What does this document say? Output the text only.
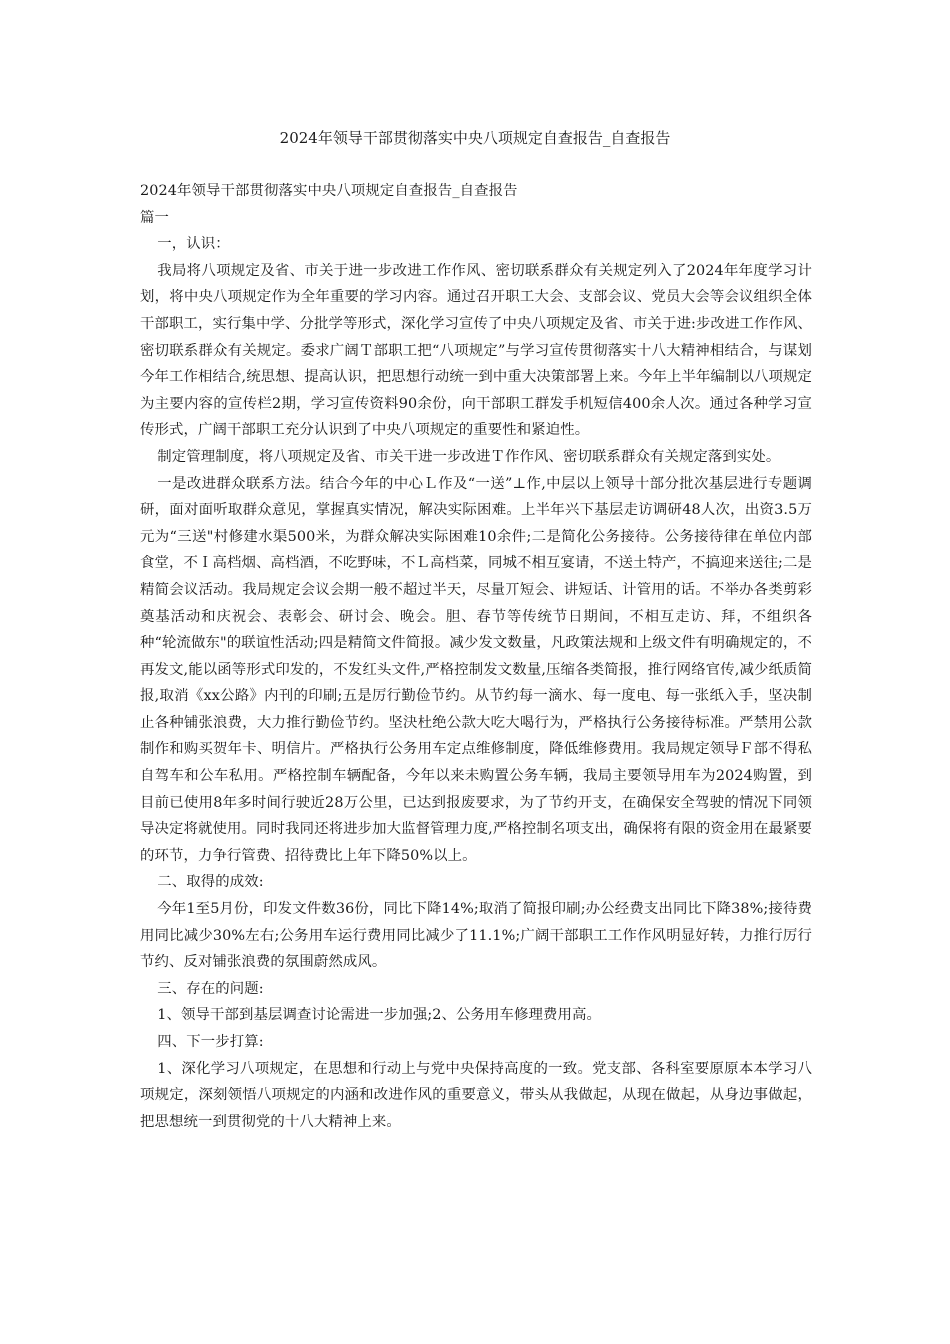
2024年领导干部贯彻落实中央八项规定自查报告_自查报告

2024年领导干部贯彻落实中央八项规定自查报告_自查报告

篇一

一，认识：

我局将八项规定及省、市关于进一步改进工作作风、密切联系群众有关规定列入了2024年年度学习计划，将中央八项规定作为全年重要的学习内容。通过召开职工大会、支部会议、党员大会等会议组织全体干部职工，实行集中学、分批学等形式，深化学习宣传了中央八项规定及省、市关于进:步改进工作作风、密切联系群众有关规定。委求广阔Ｔ部职工把“八项规定”与学习宣传贯彻落实十八大精神相结合，与谋划今年工作相结合,统思想、提高认识，把思想行动统一到中重大决策部署上来。今年上半年编制以八项规定为主要内容的宣传栏2期，学习宣传资料90余份，向干部职工群发手机短信400余人次。通过各种学习宣传形式，广阔干部职工充分认识到了中央八项规定的重要性和紧迫性。

制定管理制度，将八项规定及省、市关干进一步改进Ｔ作作风、密切联系群众有关规定落到实处。

一是改进群众联系方法。结合今年的中心Ｌ作及“一送”⊥作,中层以上领导十部分批次基层进行专题调研，面对面听取群众意见，掌握真实情况，解决实际困难。上半年兴下基层走访调研48人次，出资3.5万元为“三送"村修建水渠500米，为群众解决实际困难10余件;二是简化公务接待。公务接待律在单位内部食堂，不Ｉ高档烟、高档酒，不吃野味，不Ｌ高档菜，同城不相互宴请，不送土特产，不搞迎来送往;二是精简会议活动。我局规定会议会期一般不超过半天，尽量丌短会、讲短话、计管用的话。不举办各类剪彩奠基活动和庆祝会、表彰会、研讨会、晚会。胆、春节等传统节日期间，不相互走访、拜，不组织各种“轮流做东"的联谊性活动;四是精简文件简报。减少发文数量，凡政策法规和上级文件有明确规定的，不再发文,能以函等形式印发的，不发红头文件,严格控制发文数量,压缩各类简报，推行网络官传,减少纸质简报,取消《xx公路》内刊的印刷;五是厉行勤俭节约。从节约每一滴水、每一度电、每一张纸入手，坚决制止各种铺张浪费，大力推行勤俭节约。坚決杜绝公款大吃大喝行为，严格执行公务接待标准。严禁用公款制作和购买贺年卡、明信片。严格执行公务用车定点维修制度，降低维修费用。我局规定领导Ｆ部不得私自驾车和公车私用。严格控制车辆配备，今年以来未购置公务车辆，我局主要领导用车为2024购置，到目前已使用8年多时间行驶近28万公里，已达到报废要求，为了节约开支，在确保安全驾驶的情况下同领导决定将就使用。同时我同还将进步加大监督管理力度,严格控制名项支出，确保将有限的资金用在最紧要的环节，力争行管费、招待费比上年下降50%以上。

二、取得的成效:

今年1至5月份，印发文件数36份，同比下降14%;取消了简报印刷;办公经费支出同比下降38%;接待费用同比减少30%左右;公务用车运行费用同比减少了11.1%;广阔干部职工工作作风明显好转，力推行厉行节约、反对铺张浪费的氛围蔚然成风。

三、存在的问题:

1、领导干部到基层调查讨论需进一步加强;2、公务用车修理费用高。

四、下一步打算:

1、深化学习八项规定，在思想和行动上与党中央保持高度的一致。党支部、各科室要原原本本学习八项规定，深刻领悟八项规定的内涵和改进作风的重要意义，带头从我做起，从现在做起，从身边事做起，把思想统一到贯彻党的十八大精神上来。
